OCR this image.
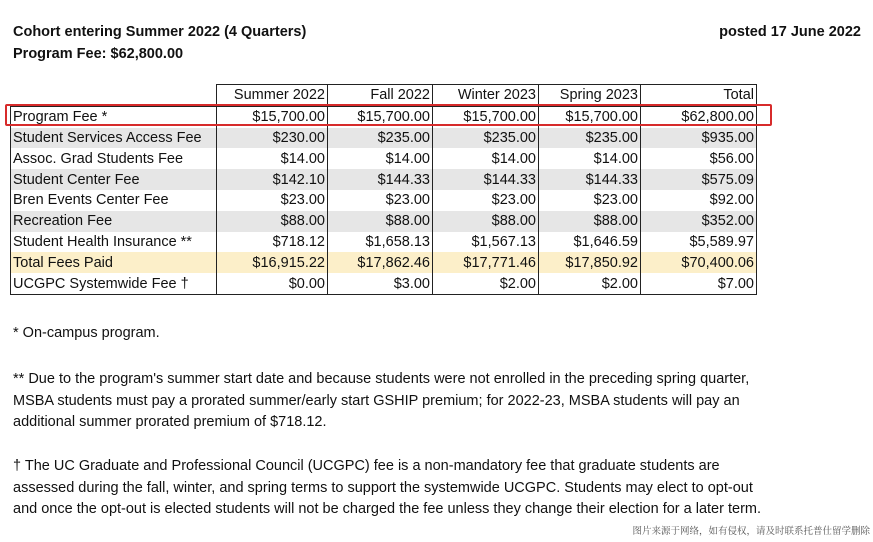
Cohort entering Summer 2022 (4 Quarters)
Program Fee: $62,800.00
posted 17 June 2022
	Summer 2022	Fall 2022	Winter 2023	Spring 2023	Total
Program Fee *	$15,700.00	$15,700.00	$15,700.00	$15,700.00	$62,800.00
Student Services Access Fee	$230.00	$235.00	$235.00	$235.00	$935.00
Assoc. Grad Students Fee	$14.00	$14.00	$14.00	$14.00	$56.00
Student Center Fee	$142.10	$144.33	$144.33	$144.33	$575.09
Bren Events Center Fee	$23.00	$23.00	$23.00	$23.00	$92.00
Recreation Fee	$88.00	$88.00	$88.00	$88.00	$352.00
Student Health Insurance **	$718.12	$1,658.13	$1,567.13	$1,646.59	$5,589.97
Total Fees Paid	$16,915.22	$17,862.46	$17,771.46	$17,850.92	$70,400.06
UCGPC Systemwide Fee †	$0.00	$3.00	$2.00	$2.00	$7.00
* On-campus program.
** Due to the program's summer start date and because students were not enrolled in the preceding spring quarter, MSBA students must pay a prorated summer/early start GSHIP premium; for 2022-23, MSBA students will pay an additional summer prorated premium of $718.12.
† The UC Graduate and Professional Council (UCGPC) fee is a non-mandatory fee that graduate students are assessed during the fall, winter, and spring terms to support the systemwide UCGPC. Students may elect to opt-out and once the opt-out is elected students will not be charged the fee unless they change their election for a later term.
图片来源于网络，如有侵权，请及时联系托普仕留学删除
